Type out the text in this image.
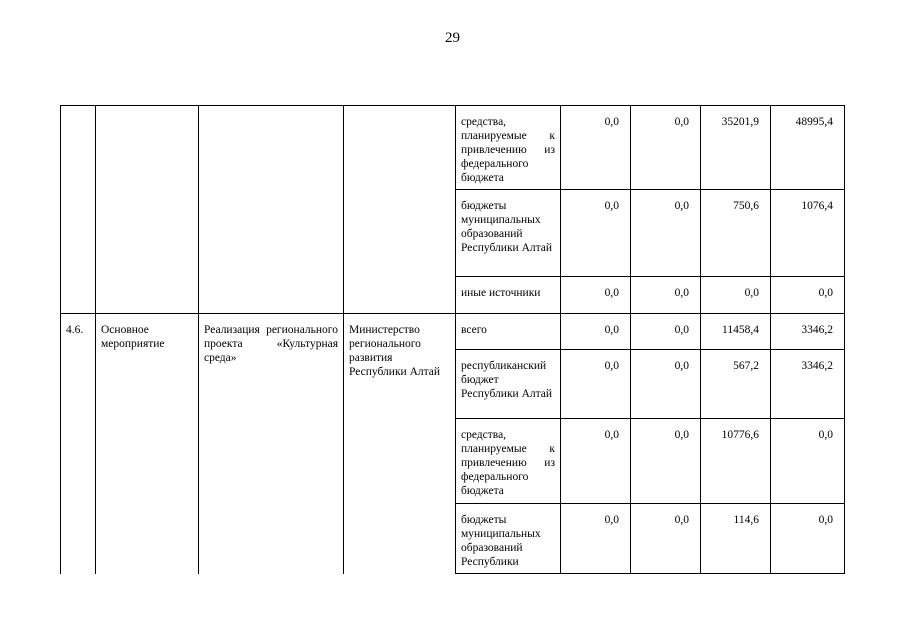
29
				средства, планируемые к привлечению из федерального бюджета	0,0	0,0	35201,9	48995,4
				бюджеты муниципальных образований Республики Алтай	0,0	0,0	750,6	1076,4
				иные источники	0,0	0,0	0,0	0,0
4.6.	Основное мероприятие	Реализация регионального проекта «Культурная среда»	Министерство регионального развития Республики Алтай	всего	0,0	0,0	11458,4	3346,2
				республиканский бюджет Республики Алтай	0,0	0,0	567,2	3346,2
				средства, планируемые к привлечению из федерального бюджета	0,0	0,0	10776,6	0,0
				бюджеты муниципальных образований Республики	0,0	0,0	114,6	0,0
